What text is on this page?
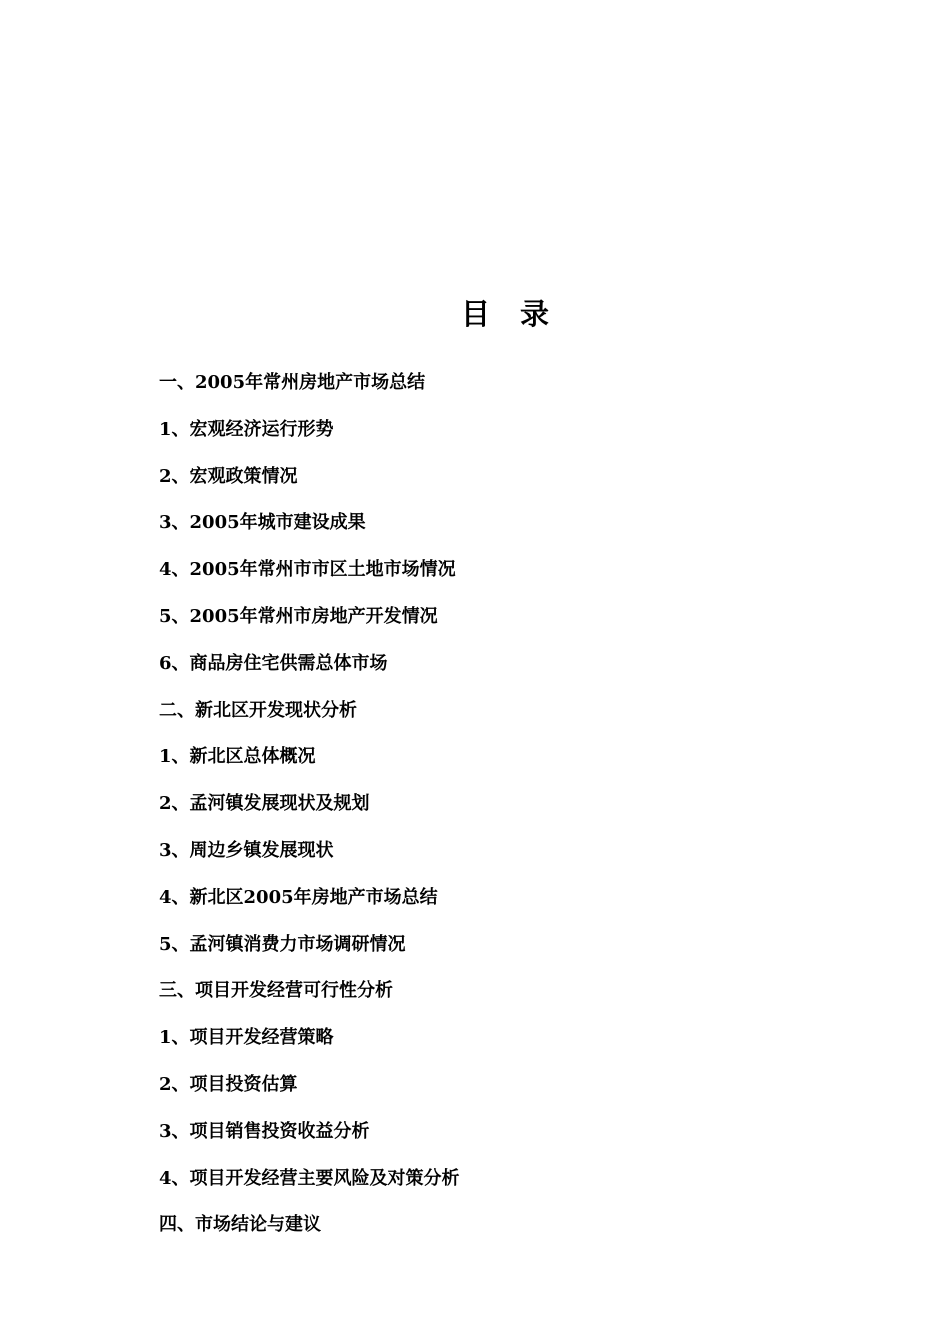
目 录
一、2005年常州房地产市场总结
1、宏观经济运行形势
2、宏观政策情况
3、2005年城市建设成果
4、2005年常州市市区土地市场情况
5、2005年常州市房地产开发情况
6、商品房住宅供需总体市场
二、新北区开发现状分析
1、新北区总体概况
2、孟河镇发展现状及规划
3、周边乡镇发展现状
4、新北区2005年房地产市场总结
5、孟河镇消费力市场调研情况
三、项目开发经营可行性分析
1、项目开发经营策略
2、项目投资估算
3、项目销售投资收益分析
4、项目开发经营主要风险及对策分析
四、市场结论与建议
